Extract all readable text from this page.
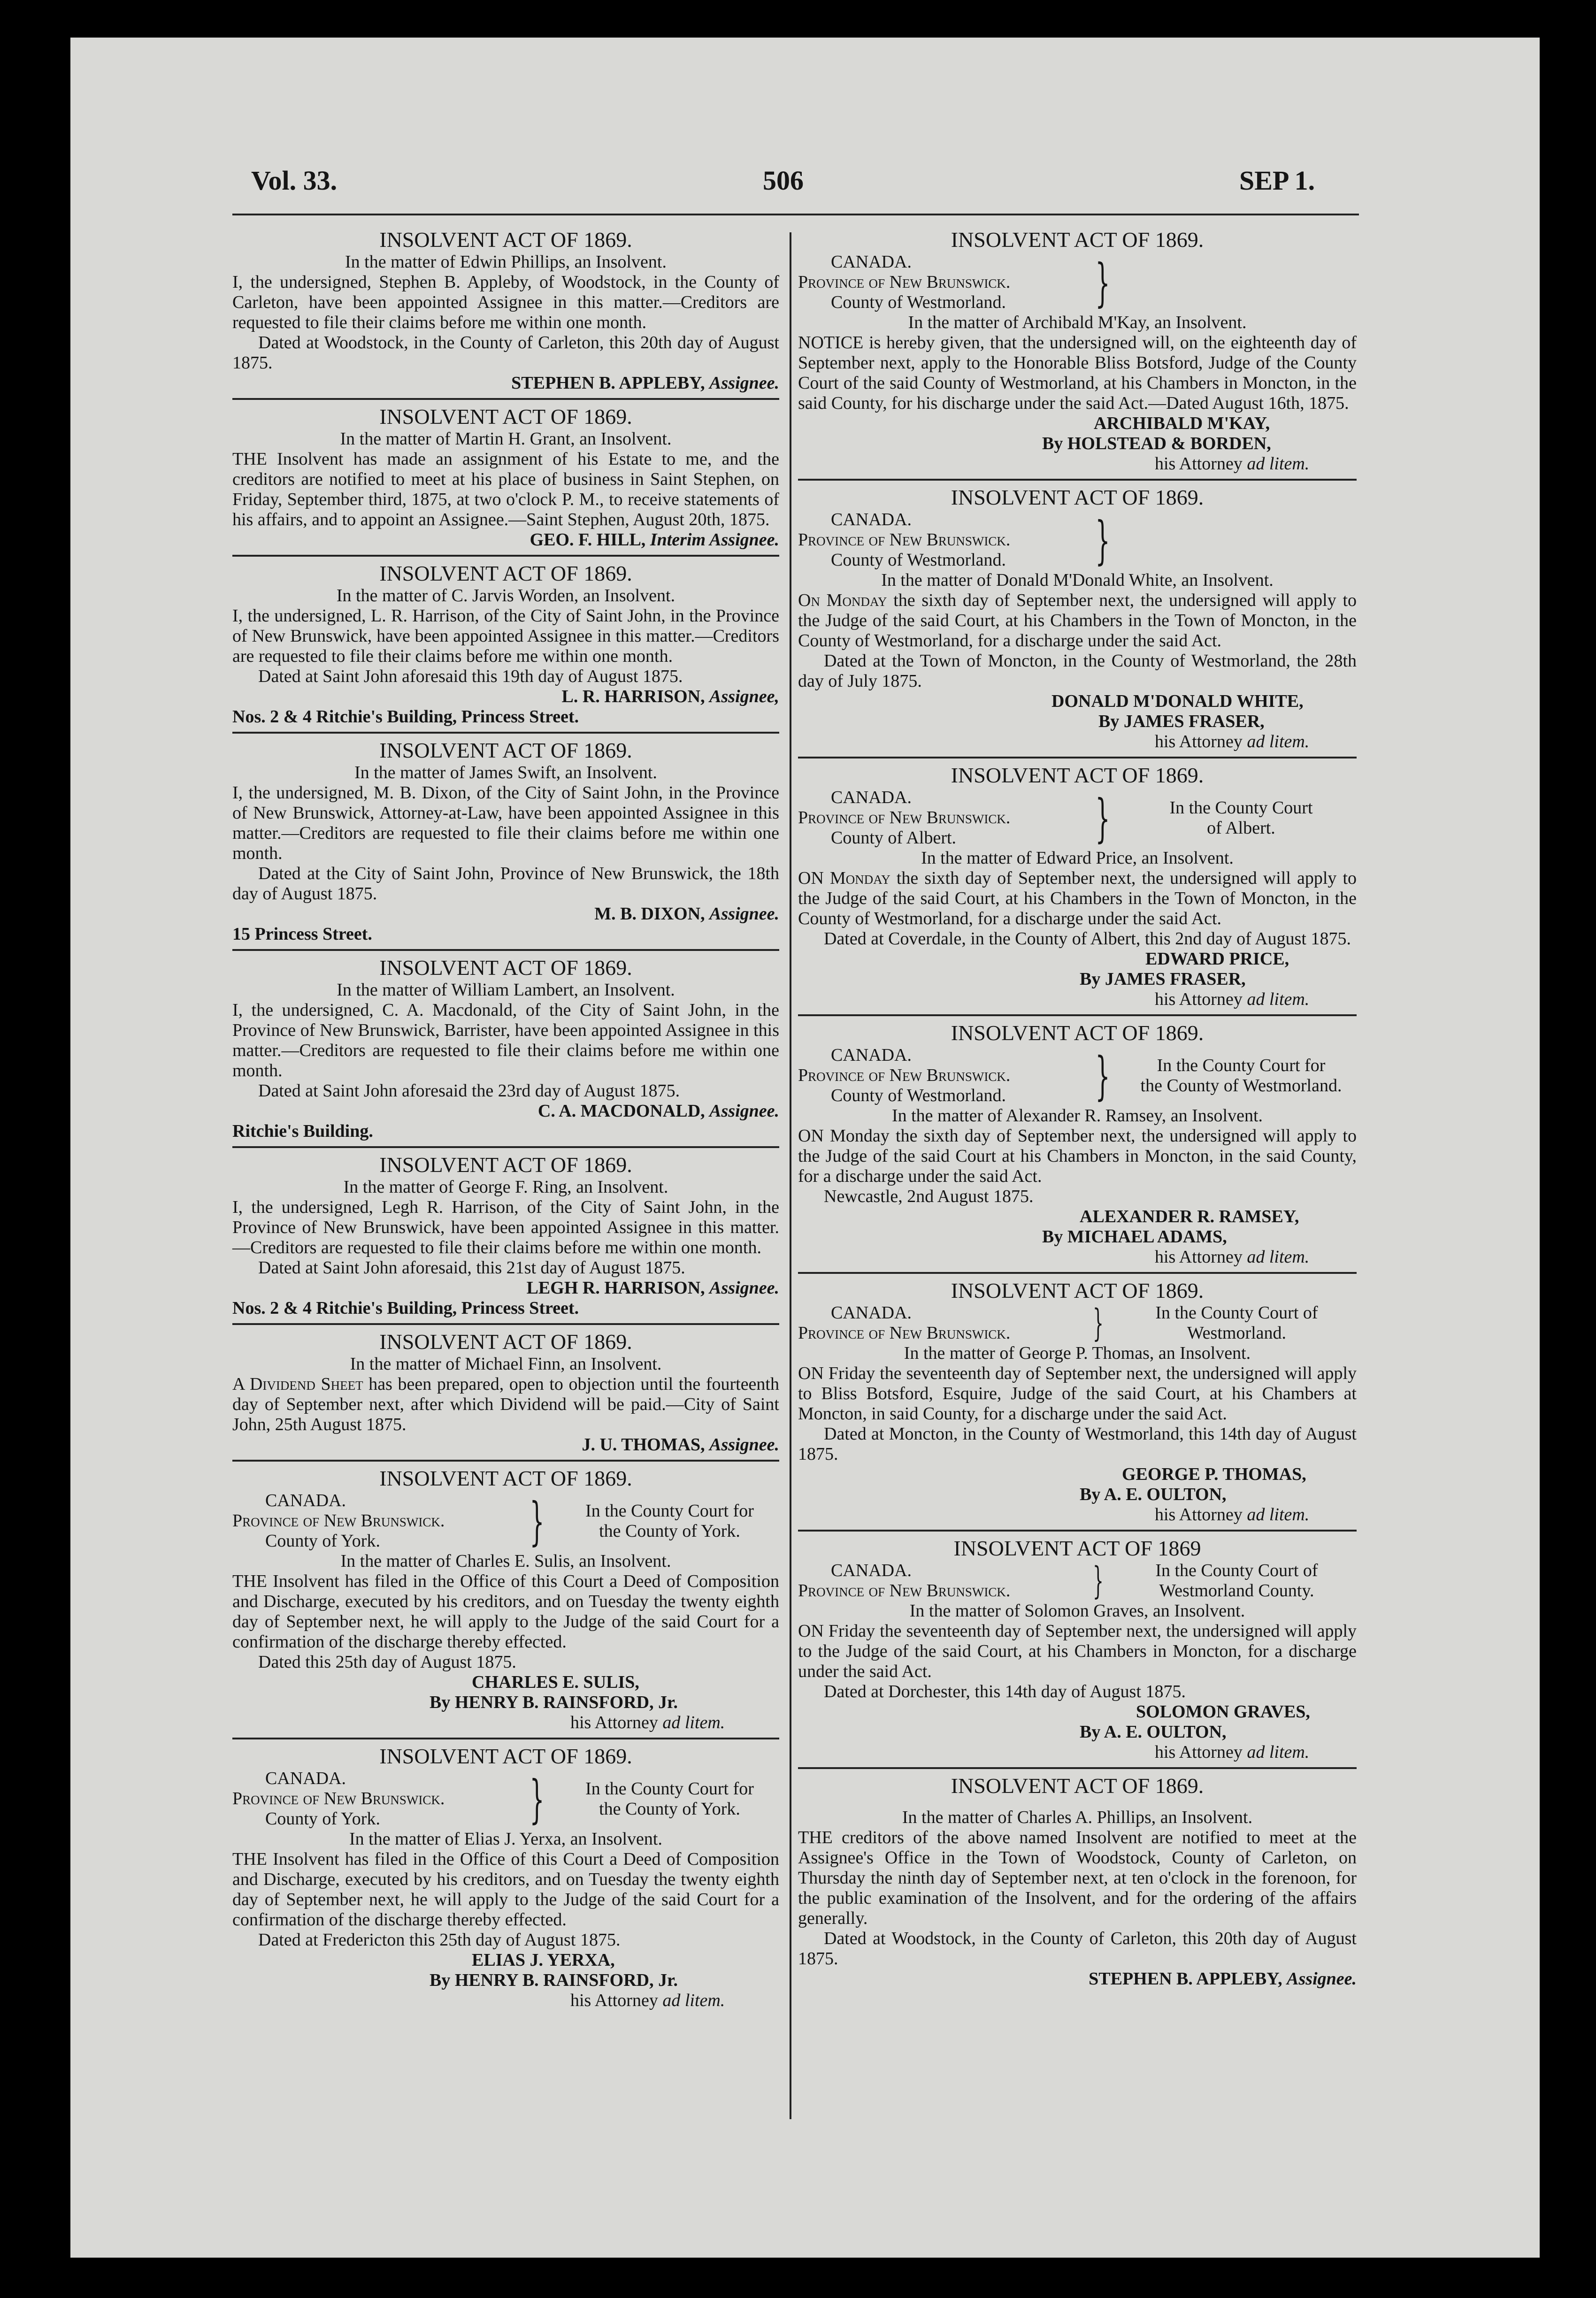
Vol. 33.	506	SEP 1.

INSOLVENT ACT OF 1869.

In the matter of Edwin Phillips, an Insolvent.

I, the undersigned, Stephen B. Appleby, of Woodstock, in the County of Carleton, have been appointed Assignee in this matter.—Creditors are requested to file their claims before me within one month.

Dated at Woodstock, in the County of Carleton, this 20th day of August 1875.

STEPHEN B. APPLEBY, Assignee.

INSOLVENT ACT OF 1869.

In the matter of Martin H. Grant, an Insolvent.

THE Insolvent has made an assignment of his Estate to me, and the creditors are notified to meet at his place of business in Saint Stephen, on Friday, September third, 1875, at two o'clock P. M., to receive statements of his affairs, and to appoint an Assignee.—Saint Stephen, August 20th, 1875.

GEO. F. HILL, Interim Assignee.

INSOLVENT ACT OF 1869.

In the matter of C. Jarvis Worden, an Insolvent.

I, the undersigned, L. R. Harrison, of the City of Saint John, in the Province of New Brunswick, have been appointed Assignee in this matter.—Creditors are requested to file their claims before me within one month.

Dated at Saint John aforesaid this 19th day of August 1875.

L. R. HARRISON, Assignee,

Nos. 2 & 4 Ritchie's Building, Princess Street.

INSOLVENT ACT OF 1869.

In the matter of James Swift, an Insolvent.

I, the undersigned, M. B. Dixon, of the City of Saint John, in the Province of New Brunswick, Attorney-at-Law, have been appointed Assignee in this matter.—Creditors are requested to file their claims before me within one month.

Dated at the City of Saint John, Province of New Brunswick, the 18th day of August 1875.

M. B. DIXON, Assignee.

15 Princess Street.

INSOLVENT ACT OF 1869.

In the matter of William Lambert, an Insolvent.

I, the undersigned, C. A. Macdonald, of the City of Saint John, in the Province of New Brunswick, Barrister, have been appointed Assignee in this matter.—Creditors are requested to file their claims before me within one month.

Dated at Saint John aforesaid the 23rd day of August 1875.

C. A. MACDONALD, Assignee.

Ritchie's Building.

INSOLVENT ACT OF 1869.

In the matter of George F. Ring, an Insolvent.

I, the undersigned, Legh R. Harrison, of the City of Saint John, in the Province of New Brunswick, have been appointed Assignee in this matter.—Creditors are requested to file their claims before me within one month.

Dated at Saint John aforesaid, this 21st day of August 1875.

LEGH R. HARRISON, Assignee.

Nos. 2 & 4 Ritchie's Building, Princess Street.

INSOLVENT ACT OF 1869.

In the matter of Michael Finn, an Insolvent.

A Dividend Sheet has been prepared, open to objection until the fourteenth day of September next, after which Dividend will be paid.—City of Saint John, 25th August 1875.

J. U. THOMAS, Assignee.

INSOLVENT ACT OF 1869.

CANADA.

Province of New Brunswick.

County of York.	}	In the County Court for

the County of York.

In the matter of Charles E. Sulis, an Insolvent.

THE Insolvent has filed in the Office of this Court a Deed of Composition and Discharge, executed by his creditors, and on Tuesday the twenty eighth day of September next, he will apply to the Judge of the said Court for a confirmation of the discharge thereby effected.

Dated this 25th day of August 1875.

CHARLES E. SULIS,

By HENRY B. RAINSFORD, Jr.

his Attorney ad litem.

INSOLVENT ACT OF 1869.

CANADA.

Province of New Brunswick.

County of York.	}	In the County Court for

the County of York.

In the matter of Elias J. Yerxa, an Insolvent.

THE Insolvent has filed in the Office of this Court a Deed of Composition and Discharge, executed by his creditors, and on Tuesday the twenty eighth day of September next, he will apply to the Judge of the said Court for a confirmation of the discharge thereby effected.

Dated at Fredericton this 25th day of August 1875.

ELIAS J. YERXA,

By HENRY B. RAINSFORD, Jr.

his Attorney ad litem.

INSOLVENT ACT OF 1869.

CANADA.

Province of New Brunswick.

County of Westmorland.	}

In the matter of Archibald M'Kay, an Insolvent.

NOTICE is hereby given, that the undersigned will, on the eighteenth day of September next, apply to the Honorable Bliss Botsford, Judge of the County Court of the said County of Westmorland, at his Chambers in Moncton, in the said County, for his discharge under the said Act.—Dated August 16th, 1875.

ARCHIBALD M'KAY,

By HOLSTEAD & BORDEN,

his Attorney ad litem.

INSOLVENT ACT OF 1869.

CANADA.

Province of New Brunswick.

County of Westmorland.	}

In the matter of Donald M'Donald White, an Insolvent.

On Monday the sixth day of September next, the undersigned will apply to the Judge of the said Court, at his Chambers in the Town of Moncton, in the County of Westmorland, for a discharge under the said Act.

Dated at the Town of Moncton, in the County of Westmorland, the 28th day of July 1875.

DONALD M'DONALD WHITE,

By JAMES FRASER,

his Attorney ad litem.

INSOLVENT ACT OF 1869.

CANADA.

Province of New Brunswick.

County of Albert.	}	In the County Court

of Albert.

In the matter of Edward Price, an Insolvent.

ON Monday the sixth day of September next, the undersigned will apply to the Judge of the said Court, at his Chambers in the Town of Moncton, in the County of Westmorland, for a discharge under the said Act.

Dated at Coverdale, in the County of Albert, this 2nd day of August 1875.

EDWARD PRICE,

By JAMES FRASER,

his Attorney ad litem.

INSOLVENT ACT OF 1869.

CANADA.

Province of New Brunswick.

County of Westmorland.	}	In the County Court for

the County of Westmorland.

In the matter of Alexander R. Ramsey, an Insolvent.

ON Monday the sixth day of September next, the undersigned will apply to the Judge of the said Court at his Chambers in Moncton, in the said County, for a discharge under the said Act.

Newcastle, 2nd August 1875.

ALEXANDER R. RAMSEY,

By MICHAEL ADAMS,

his Attorney ad litem.

INSOLVENT ACT OF 1869.

CANADA.

Province of New Brunswick.	}	In the County Court of

Westmorland.

In the matter of George P. Thomas, an Insolvent.

ON Friday the seventeenth day of September next, the undersigned will apply to Bliss Botsford, Esquire, Judge of the said Court, at his Chambers at Moncton, in said County, for a discharge under the said Act.

Dated at Moncton, in the County of Westmorland, this 14th day of August 1875.

GEORGE P. THOMAS,

By A. E. OULTON,

his Attorney ad litem.

INSOLVENT ACT OF 1869

CANADA.

Province of New Brunswick.	}	In the County Court of

Westmorland County.

In the matter of Solomon Graves, an Insolvent.

ON Friday the seventeenth day of September next, the undersigned will apply to the Judge of the said Court, at his Chambers in Moncton, for a discharge under the said Act.

Dated at Dorchester, this 14th day of August 1875.

SOLOMON GRAVES,

By A. E. OULTON,

his Attorney ad litem.

INSOLVENT ACT OF 1869.

In the matter of Charles A. Phillips, an Insolvent.

THE creditors of the above named Insolvent are notified to meet at the Assignee's Office in the Town of Woodstock, County of Carleton, on Thursday the ninth day of September next, at ten o'clock in the forenoon, for the public examination of the Insolvent, and for the ordering of the affairs generally.

Dated at Woodstock, in the County of Carleton, this 20th day of August 1875.

STEPHEN B. APPLEBY, Assignee.
